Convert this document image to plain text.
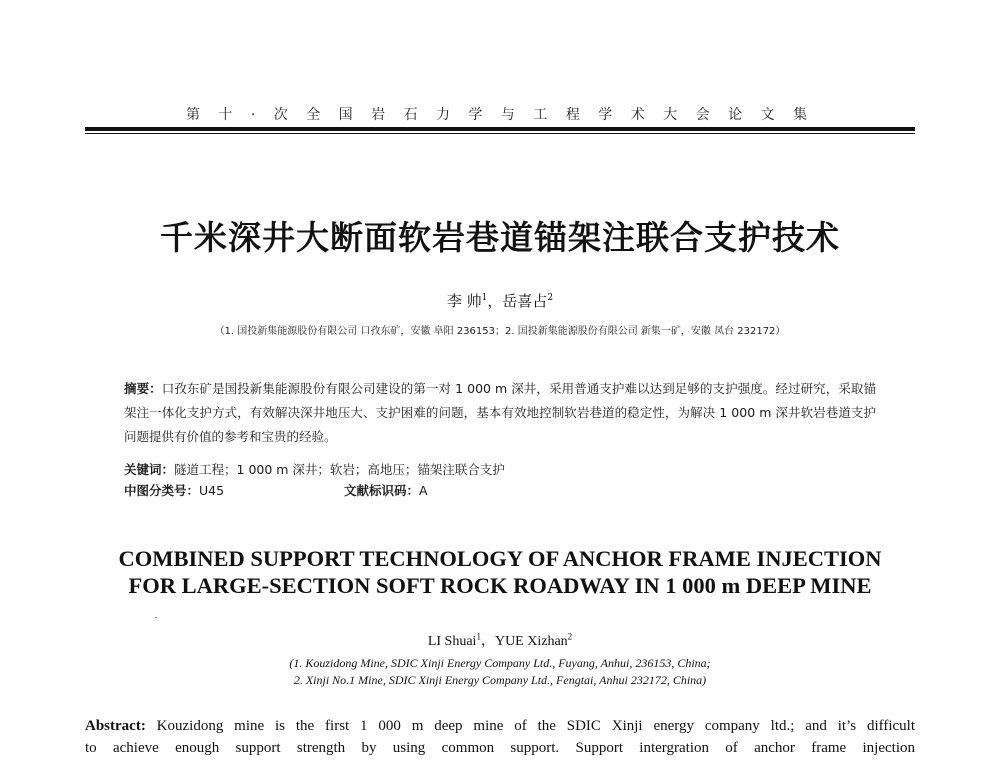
第 十 · 次 全 国 岩 石 力 学 与 工 程 学 术 大 会 论 文 集
千米深井大断面软岩巷道锚架注联合支护技术
李 帅$^1$，岳喜占$^2$
（1. 国投新集能源股份有限公司 口孜东矿，安徽 阜阳 236153；2. 国投新集能源股份有限公司 新集一矿，安徽 凤台 232172）
摘要：口孜东矿是国投新集能源股份有限公司建设的第一对 1 000 m 深井，采用普通支护难以达到足够的支护强度。经过研究，采取锚架注一体化支护方式，有效解决深井地压大、支护困难的问题，基本有效地控制软岩巷道的稳定性，为解决 1 000 m 深井软岩巷道支护问题提供有价值的参考和宝贵的经验。
关键词：隧道工程；1 000 m 深井；软岩；高地压；锚架注联合支护
中图分类号：U45	文献标识码：A
COMBINED SUPPORT TECHNOLOGY OF ANCHOR FRAME INJECTION
FOR LARGE-SECTION SOFT ROCK ROADWAY IN 1 000 m DEEP MINE
LI Shuai$^1$，YUE Xizhan$^2$
(1. Kouzidong Mine, SDIC Xinji Energy Company Ltd., Fuyang, Anhui, 236153, China;
2. Xinji No.1 Mine, SDIC Xinji Energy Company Ltd., Fengtai, Anhui 232172, China)
Abstract: Kouzidong mine is the first 1 000 m deep mine of the SDIC Xinji energy company ltd.; and it’s difficult
to achieve enough support strength by using common support. Support intergration of anchor frame injection
